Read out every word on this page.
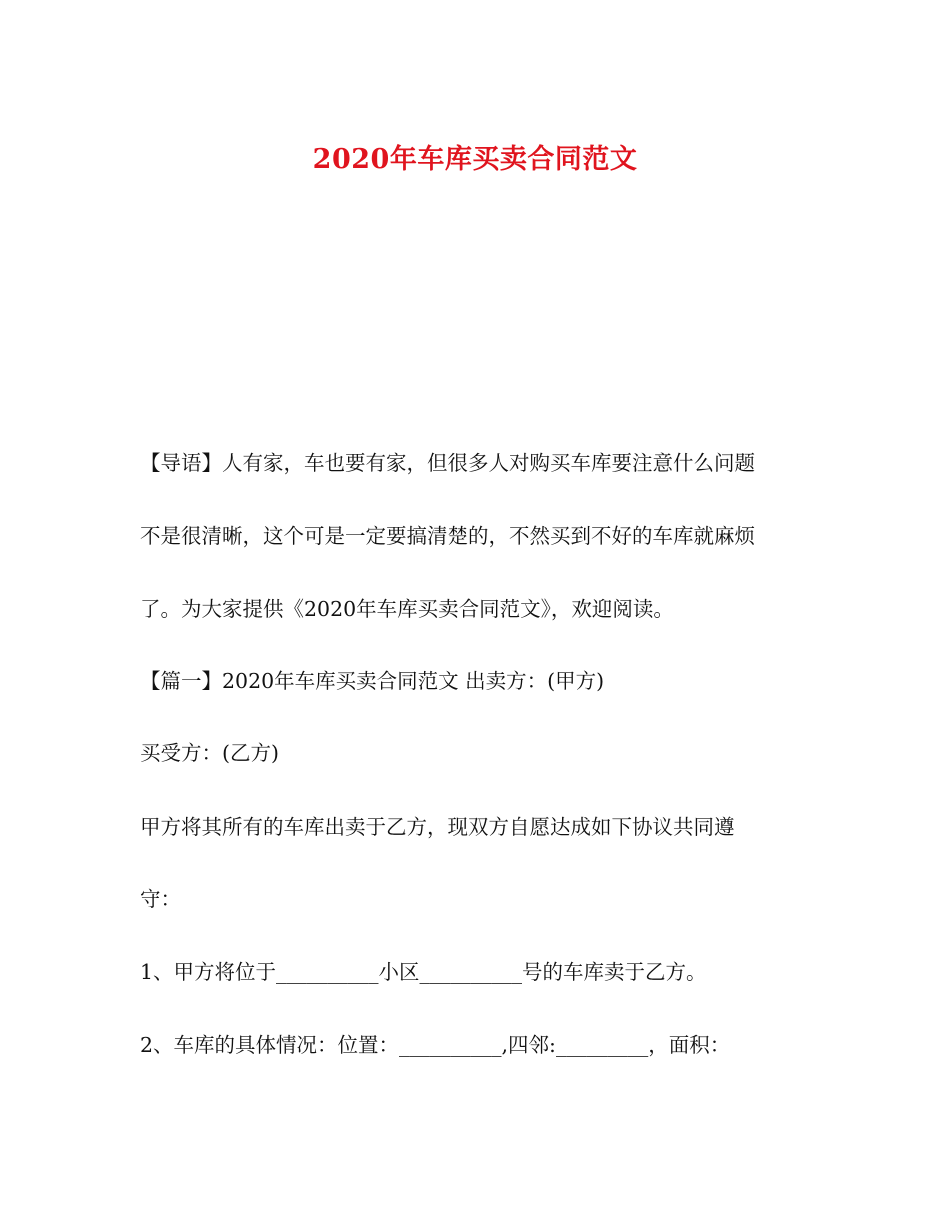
2020年车库买卖合同范文
【导语】人有家，车也要有家，但很多人对购买车库要注意什么问题
不是很清晰，这个可是一定要搞清楚的，不然买到不好的车库就麻烦
了。为大家提供《2020年车库买卖合同范文》，欢迎阅读。
【篇一】2020年车库买卖合同范文 出卖方：(甲方)
买受方：(乙方)
甲方将其所有的车库出卖于乙方，现双方自愿达成如下协议共同遵
守：
1、甲方将位于__________小区__________号的车库卖于乙方。
2、车库的具体情况：位置：__________,四邻:_________，面积：
